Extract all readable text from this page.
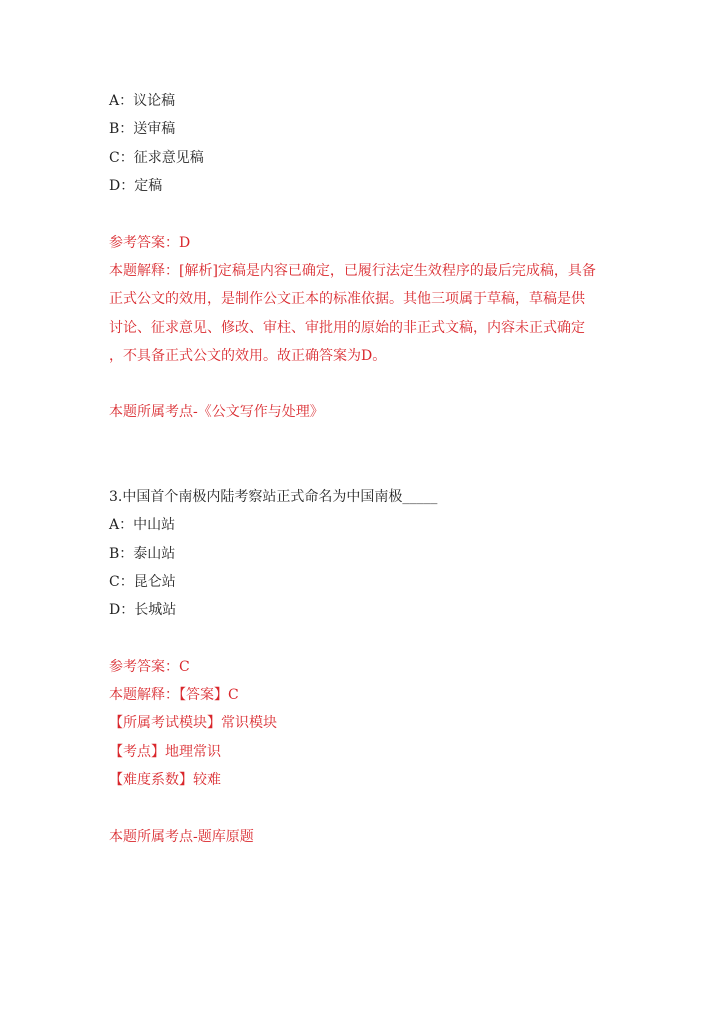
A：议论稿
B：送审稿
C：征求意见稿
D：定稿
参考答案：D
本题解释：[解析]定稿是内容已确定，已履行法定生效程序的最后完成稿，具备
正式公文的效用，是制作公文正本的标准依据。其他三项属于草稿，草稿是供
讨论、征求意见、修改、审柱、审批用的原始的非正式文稿，内容未正式确定
，不具备正式公文的效用。故正确答案为D。
本题所属考点-《公文写作与处理》
3.中国首个南极内陆考察站正式命名为中国南极_____
A：中山站
B：泰山站
C：昆仑站
D：长城站
参考答案：C
本题解释：【答案】C
【所属考试模块】常识模块
【考点】地理常识
【难度系数】较难
本题所属考点-题库原题
